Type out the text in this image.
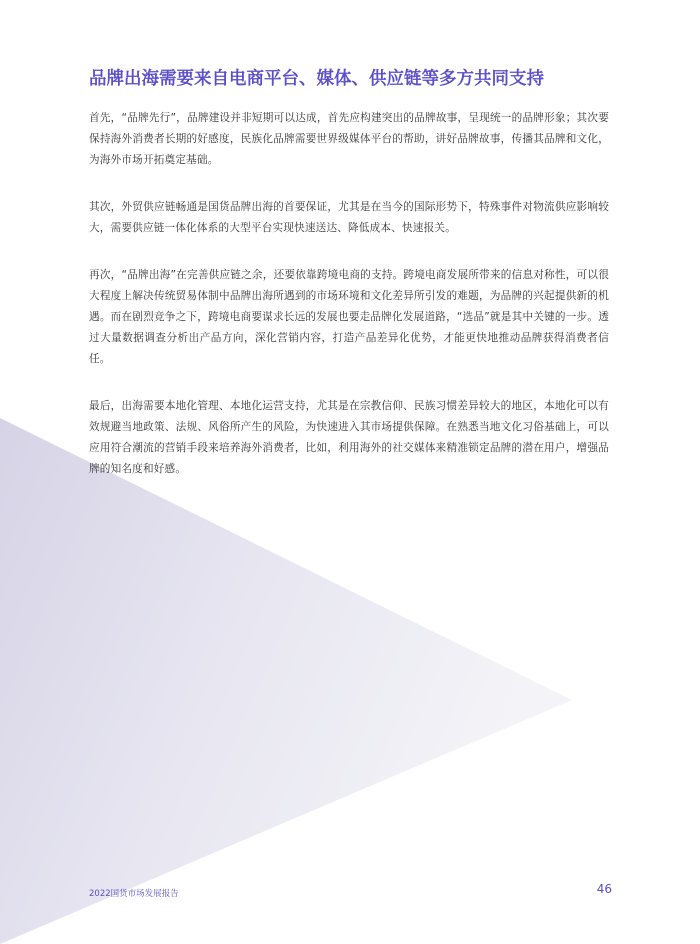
品牌出海需要来自电商平台、媒体、供应链等多方共同支持

首先，“品牌先行”，品牌建设并非短期可以达成，首先应构建突出的品牌故事，呈现统一的品牌形象；其次要保持海外消费者长期的好感度，民族化品牌需要世界级媒体平台的帮助，讲好品牌故事，传播其品牌和文化，为海外市场开拓奠定基础。

其次，外贸供应链畅通是国货品牌出海的首要保证，尤其是在当今的国际形势下，特殊事件对物流供应影响较大，需要供应链一体化体系的大型平台实现快速送达、降低成本、快速报关。

再次，“品牌出海”在完善供应链之余，还要依靠跨境电商的支持。跨境电商发展所带来的信息对称性，可以很大程度上解决传统贸易体制中品牌出海所遇到的市场环境和文化差异所引发的难题，为品牌的兴起提供新的机遇。而在剧烈竞争之下，跨境电商要谋求长远的发展也要走品牌化发展道路，“选品”就是其中关键的一步。透过大量数据调查分析出产品方向，深化营销内容，打造产品差异化优势，才能更快地推动品牌获得消费者信任。

最后，出海需要本地化管理、本地化运营支持，尤其是在宗教信仰、民族习惯差异较大的地区，本地化可以有效规避当地政策、法规、风俗所产生的风险，为快速进入其市场提供保障。在熟悉当地文化习俗基础上，可以应用符合潮流的营销手段来培养海外消费者，比如，利用海外的社交媒体来精准锁定品牌的潜在用户，增强品牌的知名度和好感。

2022国货市场发展报告	46
